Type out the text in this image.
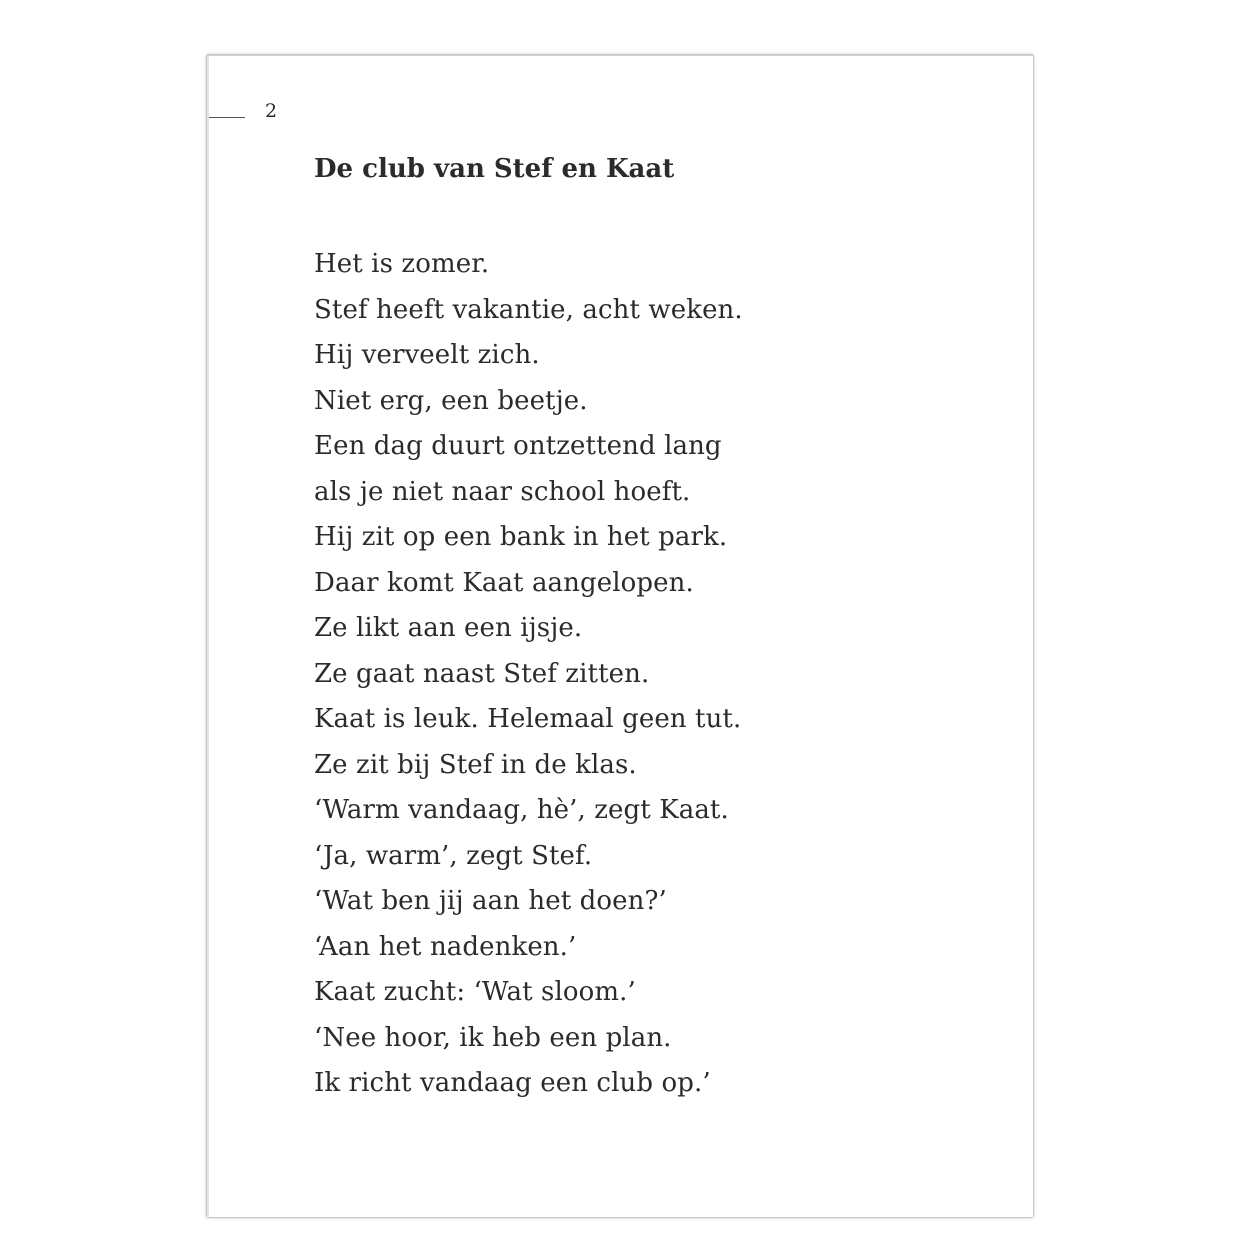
2
De club van Stef en Kaat
Het is zomer.
Stef heeft vakantie, acht weken.
Hij verveelt zich.
Niet erg, een beetje.
Een dag duurt ontzettend lang
als je niet naar school hoeft.
Hij zit op een bank in het park.
Daar komt Kaat aangelopen.
Ze likt aan een ijsje.
Ze gaat naast Stef zitten.
Kaat is leuk. Helemaal geen tut.
Ze zit bij Stef in de klas.
‘Warm vandaag, hè’, zegt Kaat.
‘Ja, warm’, zegt Stef.
‘Wat ben jij aan het doen?’
‘Aan het nadenken.’
Kaat zucht: ‘Wat sloom.’
‘Nee hoor, ik heb een plan.
Ik richt vandaag een club op.’
